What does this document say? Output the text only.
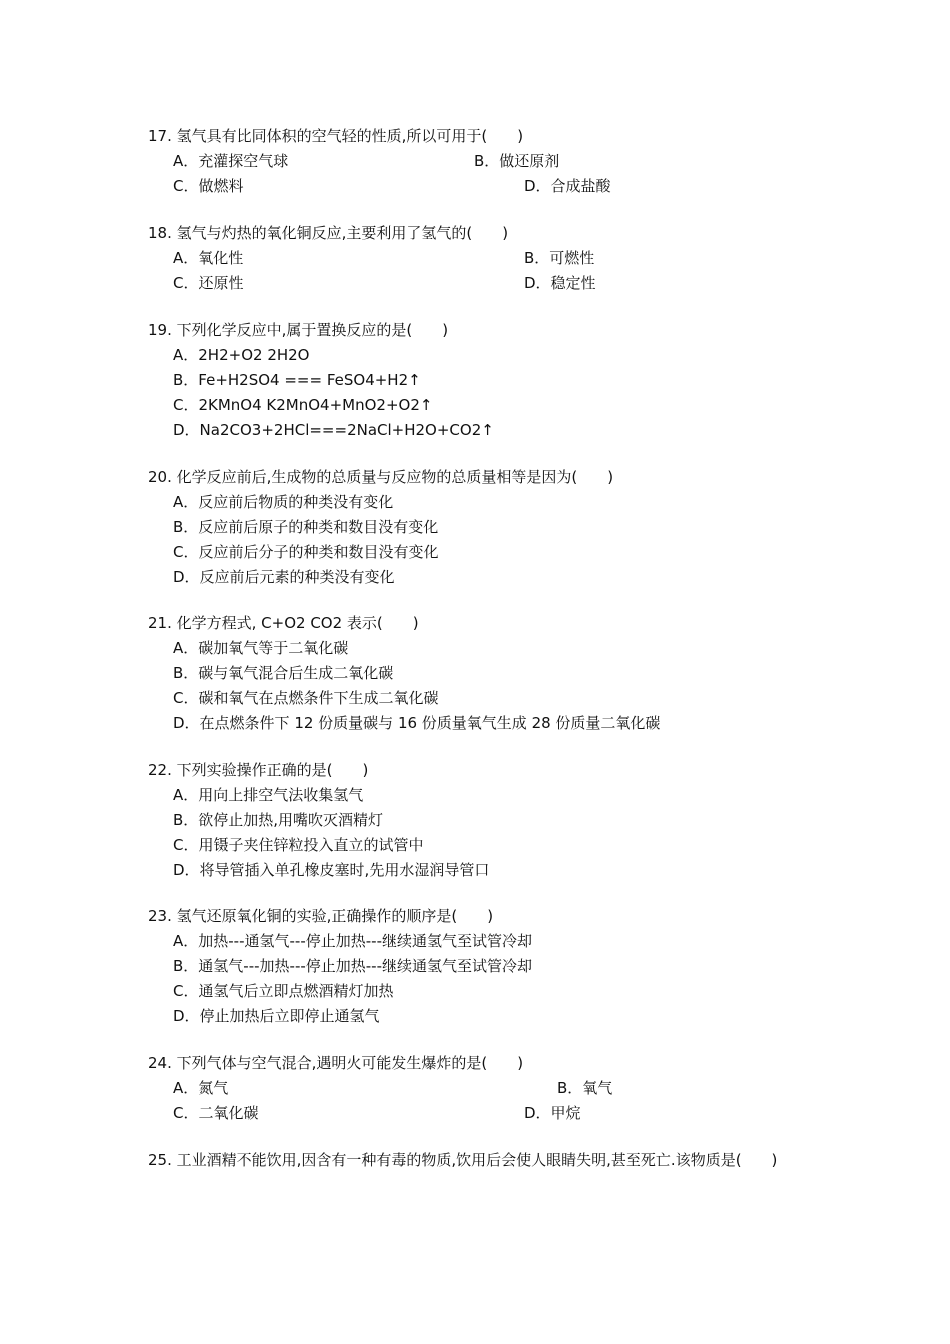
17. 氢气具有比同体积的空气轻的性质,所以可用于(　　)
A．充灌探空气球	B．做还原剂
C．做燃料	D．合成盐酸
18. 氢气与灼热的氧化铜反应,主要利用了氢气的(　　)
A．氧化性	B．可燃性
C．还原性	D．稳定性
19. 下列化学反应中,属于置换反应的是(　　)
A．2H2+O2 2H2O
B．Fe+H2SO4 === FeSO4+H2↑
C．2KMnO4 K2MnO4+MnO2+O2↑
D．Na2CO3+2HCl===2NaCl+H2O+CO2↑
20. 化学反应前后,生成物的总质量与反应物的总质量相等是因为(　　)
A．反应前后物质的种类没有变化
B．反应前后原子的种类和数目没有变化
C．反应前后分子的种类和数目没有变化
D．反应前后元素的种类没有变化
21. 化学方程式, C+O2 CO2 表示(　　)
A．碳加氧气等于二氧化碳
B．碳与氧气混合后生成二氧化碳
C．碳和氧气在点燃条件下生成二氧化碳
D．在点燃条件下 12 份质量碳与 16 份质量氧气生成 28 份质量二氧化碳
22. 下列实验操作正确的是(　　)
A．用向上排空气法收集氢气
B．欲停止加热,用嘴吹灭酒精灯
C．用镊子夹住锌粒投入直立的试管中
D．将导管插入单孔橡皮塞时,先用水湿润导管口
23. 氢气还原氧化铜的实验,正确操作的顺序是(　　)
A．加热---通氢气---停止加热---继续通氢气至试管冷却
B．通氢气---加热---停止加热---继续通氢气至试管冷却
C．通氢气后立即点燃酒精灯加热
D．停止加热后立即停止通氢气
24. 下列气体与空气混合,遇明火可能发生爆炸的是(　　)
A．氮气	B．氧气
C．二氧化碳	D．甲烷
25. 工业酒精不能饮用,因含有一种有毒的物质,饮用后会使人眼睛失明,甚至死亡.该物质是(　　)
